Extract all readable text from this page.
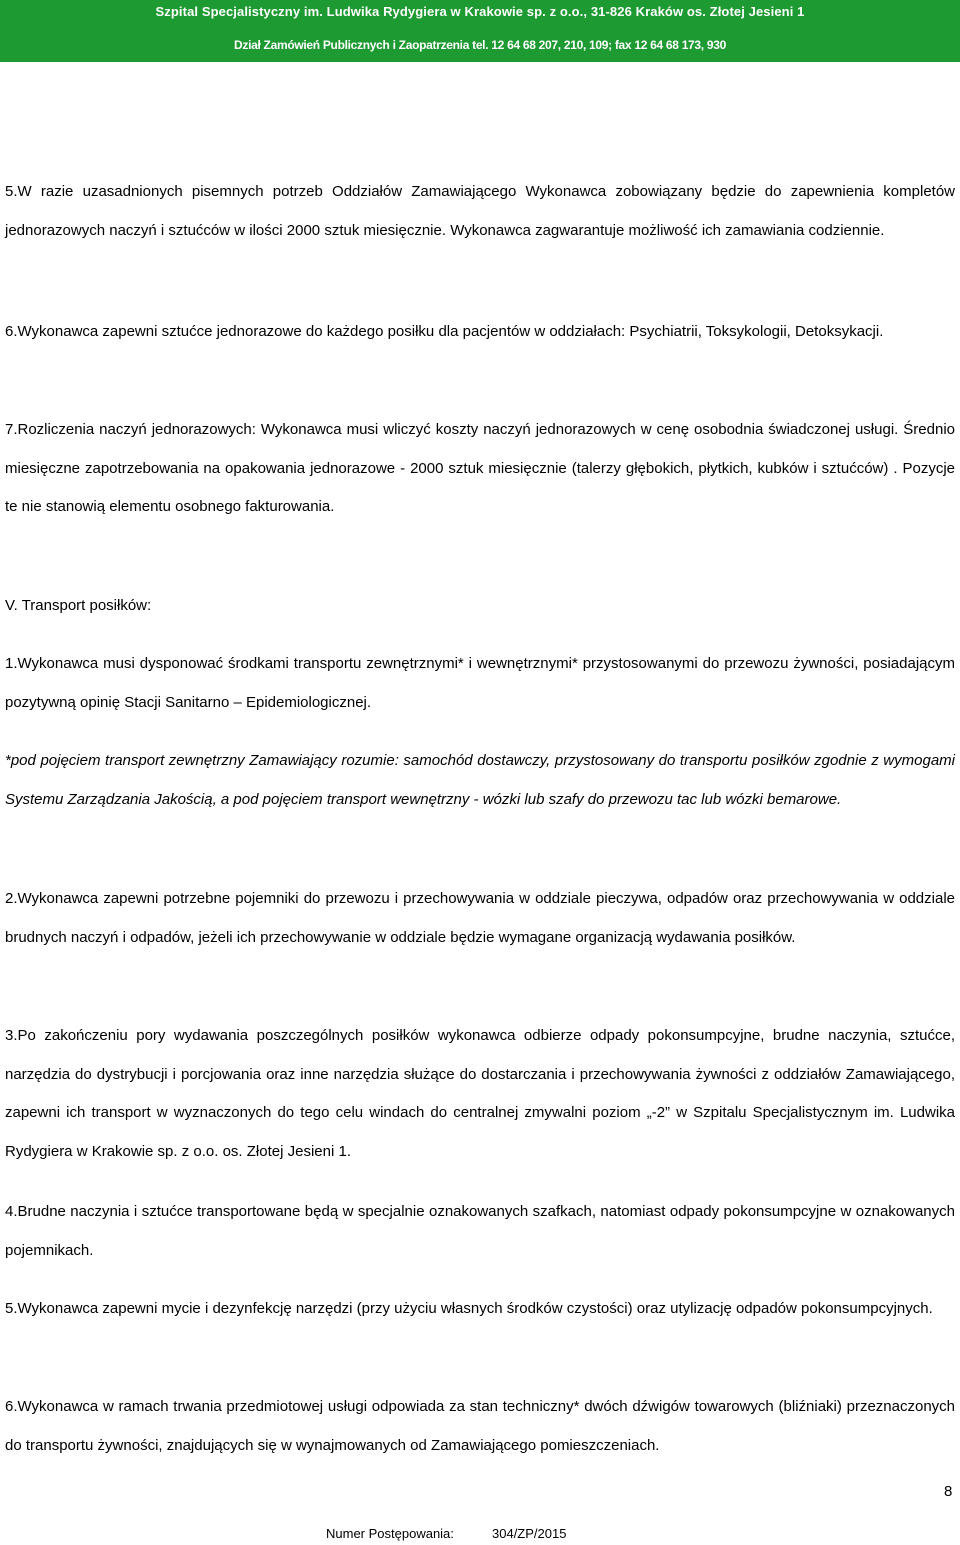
Szpital Specjalistyczny im. Ludwika Rydygiera w Krakowie sp. z o.o., 31-826 Kraków os. Złotej Jesieni 1
Dział Zamówień Publicznych i Zaopatrzenia tel. 12 64 68 207, 210, 109; fax 12 64 68 173, 930
5.W razie uzasadnionych pisemnych potrzeb Oddziałów Zamawiającego Wykonawca zobowiązany będzie do zapewnienia kompletów jednorazowych naczyń i sztućców w ilości 2000 sztuk miesięcznie. Wykonawca zagwarantuje możliwość ich zamawiania codziennie.
6.Wykonawca zapewni sztućce jednorazowe do każdego posiłku dla pacjentów w oddziałach: Psychiatrii, Toksykologii, Detoksykacji.
7.Rozliczenia naczyń jednorazowych: Wykonawca musi wliczyć koszty naczyń jednorazowych w cenę osobodnia świadczonej usługi. Średnio miesięczne zapotrzebowania na opakowania jednorazowe - 2000 sztuk miesięcznie (talerzy głębokich, płytkich, kubków i sztućców) . Pozycje te nie stanowią elementu osobnego fakturowania.
V. Transport posiłków:
1.Wykonawca musi dysponować środkami transportu zewnętrznymi* i wewnętrznymi* przystosowanymi do przewozu żywności, posiadającym pozytywną opinię Stacji Sanitarno – Epidemiologicznej.
*pod pojęciem transport zewnętrzny Zamawiający rozumie: samochód dostawczy, przystosowany do transportu posiłków zgodnie z wymogami Systemu Zarządzania Jakością, a pod pojęciem transport wewnętrzny - wózki lub szafy do przewozu tac lub wózki bemarowe.
2.Wykonawca zapewni potrzebne pojemniki do przewozu i przechowywania w oddziale pieczywa, odpadów oraz przechowywania w oddziale brudnych naczyń i odpadów, jeżeli ich przechowywanie w oddziale będzie wymagane organizacją wydawania posiłków.
3.Po zakończeniu pory wydawania poszczególnych posiłków wykonawca odbierze odpady pokonsumpcyjne, brudne naczynia, sztućce, narzędzia do dystrybucji i porcjowania oraz inne narzędzia służące do dostarczania i przechowywania żywności z oddziałów Zamawiającego, zapewni ich transport w wyznaczonych do tego celu windach do centralnej zmywalni poziom „-2” w Szpitalu Specjalistycznym im. Ludwika Rydygiera w Krakowie sp. z o.o. os. Złotej Jesieni 1.
4.Brudne naczynia i sztućce transportowane będą w specjalnie oznakowanych szafkach, natomiast odpady pokonsumpcyjne w oznakowanych pojemnikach.
5.Wykonawca zapewni mycie i dezynfekcję narzędzi (przy użyciu własnych środków czystości) oraz utylizację odpadów pokonsumpcyjnych.
6.Wykonawca w ramach trwania przedmiotowej usługi odpowiada za stan techniczny* dwóch dźwigów towarowych (bliźniaki) przeznaczonych do transportu żywności, znajdujących się w wynajmowanych od Zamawiającego pomieszczeniach.
8
Numer Postępowania:	304/ZP/2015
